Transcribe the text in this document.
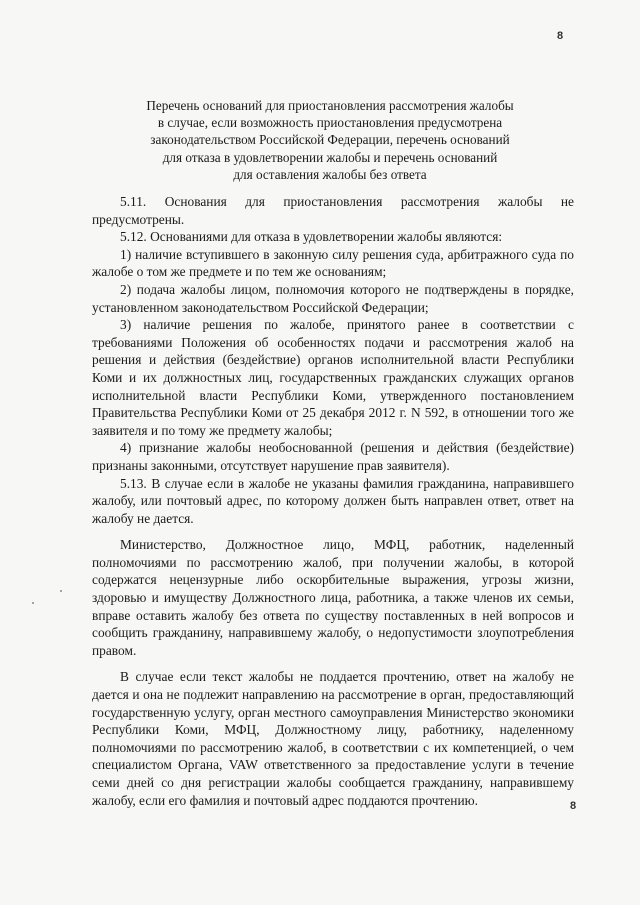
8
Перечень оснований для приостановления рассмотрения жалобы
в случае, если возможность приостановления предусмотрена
законодательством Российской Федерации, перечень оснований
для отказа в удовлетворении жалобы и перечень оснований
для оставления жалобы без ответа

5.11. Основания для приостановления рассмотрения жалобы не предусмотрены.

5.12. Основаниями для отказа в удовлетворении жалобы являются:

1) наличие вступившего в законную силу решения суда, арбитражного суда по жалобе о том же предмете и по тем же основаниям;

2) подача жалобы лицом, полномочия которого не подтверждены в порядке, установленном законодательством Российской Федерации;

3) наличие решения по жалобе, принятого ранее в соответствии с требованиями Положения об особенностях подачи и рассмотрения жалоб на решения и действия (бездействие) органов исполнительной власти Республики Коми и их должностных лиц, государственных гражданских служащих органов исполнительной власти Республики Коми, утвержденного постановлением Правительства Республики Коми от 25 декабря 2012 г. N 592, в отношении того же заявителя и по тому же предмету жалобы;

4) признание жалобы необоснованной (решения и действия (бездействие) признаны законными, отсутствует нарушение прав заявителя).

5.13. В случае если в жалобе не указаны фамилия гражданина, направившего жалобу, или почтовый адрес, по которому должен быть направлен ответ, ответ на жалобу не дается.

Министерство, Должностное лицо, МФЦ, работник, наделенный полномочиями по рассмотрению жалоб, при получении жалобы, в которой содержатся нецензурные либо оскорбительные выражения, угрозы жизни, здоровью и имуществу Должностного лица, работника, а также членов их семьи, вправе оставить жалобу без ответа по существу поставленных в ней вопросов и сообщить гражданину, направившему жалобу, о недопустимости злоупотребления правом.

В случае если текст жалобы не поддается прочтению, ответ на жалобу не дается и она не подлежит направлению на рассмотрение в орган, предоставляющий государственную услугу, орган местного самоуправления Министерство экономики Республики Коми, МФЦ, Должностному лицу, работнику, наделенному полномочиями по рассмотрению жалоб, в соответствии с их компетенцией, о чем специалистом Органа, VAW ответственного за предоставление услуги в течение семи дней со дня регистрации жалобы сообщается гражданину, направившему жалобу, если его фамилия и почтовый адрес поддаются прочтению.	8
